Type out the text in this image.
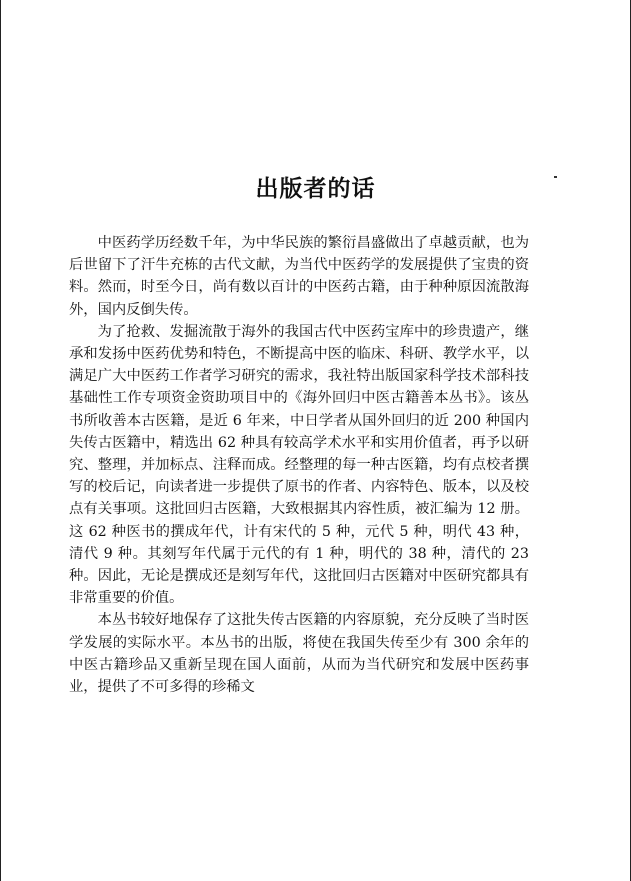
出版者的话

中医药学历经数千年，为中华民族的繁衍昌盛做出了卓越贡献，也为后世留下了汗牛充栋的古代文献，为当代中医药学的发展提供了宝贵的资料。然而，时至今日，尚有数以百计的中医药古籍，由于种种原因流散海外，国内反倒失传。

为了抢救、发掘流散于海外的我国古代中医药宝库中的珍贵遗产，继承和发扬中医药优势和特色，不断提高中医的临床、科研、教学水平，以满足广大中医药工作者学习研究的需求，我社特出版国家科学技术部科技基础性工作专项资金资助项目中的《海外回归中医古籍善本丛书》。该丛书所收善本古医籍，是近 6 年来，中日学者从国外回归的近 200 种国内失传古医籍中，精选出 62 种具有较高学术水平和实用价值者，再予以研究、整理，并加标点、注释而成。经整理的每一种古医籍，均有点校者撰写的校后记，向读者进一步提供了原书的作者、内容特色、版本，以及校点有关事项。这批回归古医籍，大致根据其内容性质，被汇编为 12 册。这 62 种医书的撰成年代，计有宋代的 5 种，元代 5 种，明代 43 种，清代 9 种。其刻写年代属于元代的有 1 种，明代的 38 种，清代的 23 种。因此，无论是撰成还是刻写年代，这批回归古医籍对中医研究都具有非常重要的价值。

本丛书较好地保存了这批失传古医籍的内容原貌，充分反映了当时医学发展的实际水平。本丛书的出版，将使在我国失传至少有 300 余年的中医古籍珍品又重新呈现在国人面前，从而为当代研究和发展中医药事业，提供了不可多得的珍稀文
